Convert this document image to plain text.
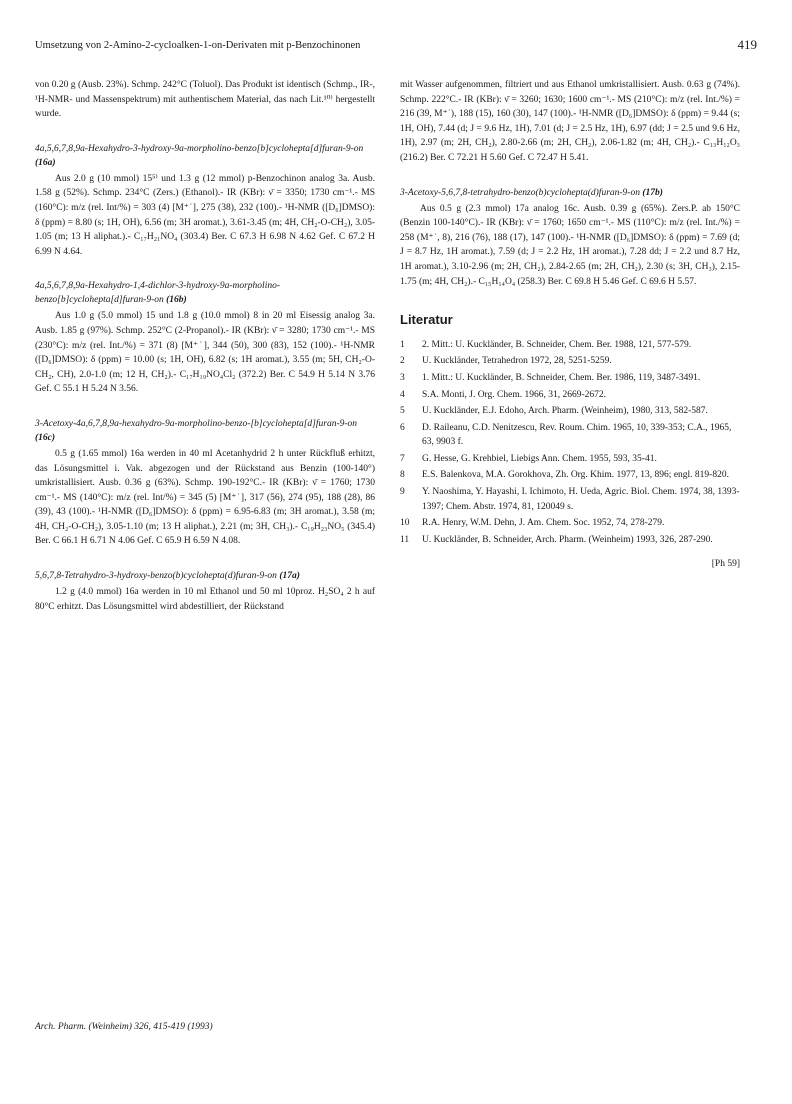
Umsetzung von 2-Amino-2-cycloalken-1-on-Derivaten mit p-Benzochinonen	419

von 0.20 g (Ausb. 23%). Schmp. 242°C (Toluol). Das Produkt ist identisch (Schmp., IR-, ¹H-NMR- und Massenspektrum) mit authentischem Material, das nach Lit.¹⁰⁾ hergestellt wurde.

4a,5,6,7,8,9a-Hexahydro-3-hydroxy-9a-morpholino-benzo[b]cyclohepta[d]furan-9-on (16a)

Aus 2.0 g (10 mmol) 15⁵⁾ und 1.3 g (12 mmol) p-Benzochinon analog 3a. Ausb. 1.58 g (52%). Schmp. 234°C (Zers.) (Ethanol).- IR (KBr): ν̄ = 3350; 1730 cm⁻¹.- MS (160°C): m/z (rel. Int/%) = 303 (4) [M⁺˙], 275 (38), 232 (100).- ¹H-NMR ([D₆]DMSO): δ (ppm) = 8.80 (s; 1H, OH), 6.56 (m; 3H aromat.), 3.61-3.45 (m; 4H, CH₂-O-CH₂), 3.05-1.05 (m; 13 H aliphat.).- C₁₇H₂₁NO₄ (303.4) Ber. C 67.3 H 6.98 N 4.62 Gef. C 67.2 H 6.99 N 4.64.

4a,5,6,7,8,9a-Hexahydro-1,4-dichlor-3-hydroxy-9a-morpholino-benzo[b]cyclohepta[d]furan-9-on (16b)

Aus 1.0 g (5.0 mmol) 15 und 1.8 g (10.0 mmol) 8 in 20 ml Eisessig analog 3a. Ausb. 1.85 g (97%). Schmp. 252°C (2-Propanol).- IR (KBr): ν̄ = 3280; 1730 cm⁻¹.- MS (230°C): m/z (rel. Int./%) = 371 (8) [M⁺˙], 344 (50), 300 (83), 152 (100).- ¹H-NMR ([D₆]DMSO): δ (ppm) = 10.00 (s; 1H, OH), 6.82 (s; 1H aromat.), 3.55 (m; 5H, CH₂-O-CH₂, CH), 2.0-1.0 (m; 12 H, CH₂).- C₁₇H₁₉NO₄Cl₂ (372.2) Ber. C 54.9 H 5.14 N 3.76 Gef. C 55.1 H 5.24 N 3.56.

3-Acetoxy-4a,6,7,8,9a-hexahydro-9a-morpholino-benzo-[b]cyclohepta[d]furan-9-on (16c)

0.5 g (1.65 mmol) 16a werden in 40 ml Acetanhydrid 2 h unter Rückfluß erhitzt, das Lösungsmittel i. Vak. abgezogen und der Rückstand aus Benzin (100-140°) umkristallisiert. Ausb. 0.36 g (63%). Schmp. 190-192°C.- IR (KBr): ν̄ = 1760; 1730 cm⁻¹.- MS (140°C): m/z (rel. Int/%) = 345 (5) [M⁺˙], 317 (56), 274 (95), 188 (28), 86 (39), 43 (100).- ¹H-NMR ([D₆]DMSO): δ (ppm) = 6.95-6.83 (m; 3H aromat.), 3.58 (m; 4H, CH₂-O-CH₂), 3.05-1.10 (m; 13 H aliphat.), 2.21 (m; 3H, CH₃).- C₁₉H₂₃NO₅ (345.4) Ber. C 66.1 H 6.71 N 4.06 Gef. C 65.9 H 6.59 N 4.08.

5,6,7,8-Tetrahydro-3-hydroxy-benzo(b)cyclohepta(d)furan-9-on (17a)

1.2 g (4.0 mmol) 16a werden in 10 ml Ethanol und 50 ml 10proz. H₂SO₄ 2 h auf 80°C erhitzt. Das Lösungsmittel wird abdestilliert, der Rückstand

mit Wasser aufgenommen, filtriert und aus Ethanol umkristallisiert. Ausb. 0.63 g (74%). Schmp. 222°C.- IR (KBr): ν̄ = 3260; 1630; 1600 cm⁻¹.- MS (210°C): m/z (rel. Int./%) = 216 (39, M⁺˙), 188 (15), 160 (30), 147 (100).- ¹H-NMR ([D₆]DMSO): δ (ppm) = 9.44 (s; 1H, OH), 7.44 (d; J = 9.6 Hz, 1H), 7.01 (d; J = 2.5 Hz, 1H), 6.97 (dd; J = 2.5 und 9.6 Hz, 1H), 2.97 (m; 2H, CH₂), 2.80-2.66 (m; 2H, CH₂), 2.06-1.82 (m; 4H, CH₂).- C₁₃H₁₂O₃ (216.2) Ber. C 72.21 H 5.60 Gef. C 72.47 H 5.41.

3-Acetoxy-5,6,7,8-tetrahydro-benzo(b)cyclohepta(d)furan-9-on (17b)

Aus 0.5 g (2.3 mmol) 17a analog 16c. Ausb. 0.39 g (65%). Zers.P. ab 150°C (Benzin 100-140°C).- IR (KBr): ν̄ = 1760; 1650 cm⁻¹.- MS (110°C): m/z (rel. Int./%) = 258 (M⁺˙, 8), 216 (76), 188 (17), 147 (100).- ¹H-NMR ([D₆]DMSO): δ (ppm) = 7.69 (d; J = 8.7 Hz, 1H aromat.), 7.59 (d; J = 2.2 Hz, 1H aromat.), 7.28 dd; J = 2.2 und 8.7 Hz, 1H aromat.), 3.10-2.96 (m; 2H, CH₂), 2.84-2.65 (m; 2H, CH₂), 2.30 (s; 3H, CH₃), 2.15-1.75 (m; 4H, CH₂).- C₁₅H₁₄O₄ (258.3) Ber. C 69.8 H 5.46 Gef. C 69.6 H 5.57.

Literatur
1	2. Mitt.: U. Kuckländer, B. Schneider, Chem. Ber. 1988, 121, 577-579.
2	U. Kuckländer, Tetrahedron 1972, 28, 5251-5259.
3	1. Mitt.: U. Kuckländer, B. Schneider, Chem. Ber. 1986, 119, 3487-3491.
4	S.A. Monti, J. Org. Chem. 1966, 31, 2669-2672.
5	U. Kuckländer, E.J. Edoho, Arch. Pharm. (Weinheim), 1980, 313, 582-587.
6	D. Raileanu, C.D. Nenitzescu, Rev. Roum. Chim. 1965, 10, 339-353; C.A., 1965, 63, 9903 f.
7	G. Hesse, G. Krehbiel, Liebigs Ann. Chem. 1955, 593, 35-41.
8	E.S. Balenkova, M.A. Gorokhova, Zh. Org. Khim. 1977, 13, 896; engl. 819-820.
9	Y. Naoshima, Y. Hayashi, I. Ichimoto, H. Ueda, Agric. Biol. Chem. 1974, 38, 1393-1397; Chem. Abstr. 1974, 81, 120049 s.
10	R.A. Henry, W.M. Dehn, J. Am. Chem. Soc. 1952, 74, 278-279.
11	U. Kuckländer, B. Schneider, Arch. Pharm. (Weinheim) 1993, 326, 287-290.
[Ph 59]
Arch. Pharm. (Weinheim) 326, 415-419 (1993)
